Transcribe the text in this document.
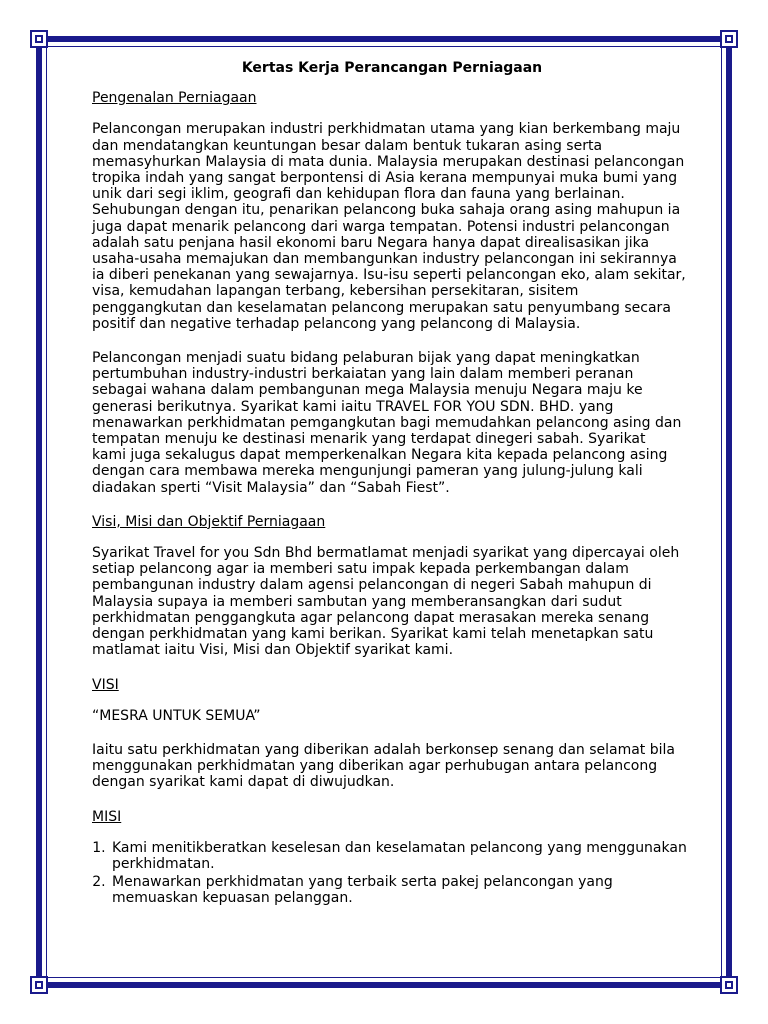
Kertas Kerja Perancangan Perniagaan
Pengenalan Perniagaan
Pelancongan merupakan industri perkhidmatan utama yang kian berkembang maju
dan mendatangkan keuntungan besar dalam bentuk tukaran asing serta
memasyhurkan Malaysia di mata dunia. Malaysia merupakan destinasi pelancongan
tropika indah yang sangat berpontensi di Asia kerana mempunyai muka bumi yang
unik dari segi iklim, geografi dan kehidupan flora dan fauna yang berlainan.
Sehubungan dengan itu, penarikan pelancong buka sahaja orang asing mahupun ia
juga dapat menarik pelancong dari warga tempatan. Potensi industri pelancongan
adalah satu penjana hasil ekonomi baru Negara hanya dapat direalisasikan jika
usaha-usaha memajukan dan membangunkan industry pelancongan ini sekirannya
ia diberi penekanan yang sewajarnya. Isu-isu seperti pelancongan eko, alam sekitar,
visa, kemudahan lapangan terbang, kebersihan persekitaran, sisitem
penggangkutan dan keselamatan pelancong merupakan satu penyumbang secara
positif dan negative terhadap pelancong yang pelancong di Malaysia.
Pelancongan menjadi suatu bidang pelaburan bijak yang dapat meningkatkan
pertumbuhan industry-industri berkaiatan yang lain dalam memberi peranan
sebagai wahana dalam pembangunan mega Malaysia menuju Negara maju ke
generasi berikutnya. Syarikat kami iaitu TRAVEL FOR YOU SDN. BHD. yang
menawarkan perkhidmatan pemgangkutan bagi memudahkan pelancong asing dan
tempatan menuju ke destinasi menarik yang terdapat dinegeri sabah. Syarikat
kami juga sekalugus dapat memperkenalkan Negara kita kepada pelancong asing
dengan cara membawa mereka mengunjungi pameran yang julung-julung kali
diadakan sperti “Visit Malaysia” dan “Sabah Fiest”.
Visi, Misi dan Objektif Perniagaan
Syarikat Travel for you Sdn Bhd bermatlamat menjadi syarikat yang dipercayai oleh
setiap pelancong agar ia memberi satu impak kepada perkembangan dalam
pembangunan industry dalam agensi pelancongan di negeri Sabah mahupun di
Malaysia supaya ia memberi sambutan yang memberansangkan dari sudut
perkhidmatan penggangkuta agar pelancong dapat merasakan mereka senang
dengan perkhidmatan yang kami berikan. Syarikat kami telah menetapkan satu
matlamat iaitu Visi, Misi dan Objektif syarikat kami.
VISI
“MESRA UNTUK SEMUA”
Iaitu satu perkhidmatan yang diberikan adalah berkonsep senang dan selamat bila
menggunakan perkhidmatan yang diberikan agar perhubugan antara pelancong
dengan syarikat kami dapat di diwujudkan.
MISI
1. Kami menitikberatkan keselesan dan keselamatan pelancong yang menggunakan
perkhidmatan.
2. Menawarkan perkhidmatan yang terbaik serta pakej pelancongan yang
memuaskan kepuasan pelanggan.
